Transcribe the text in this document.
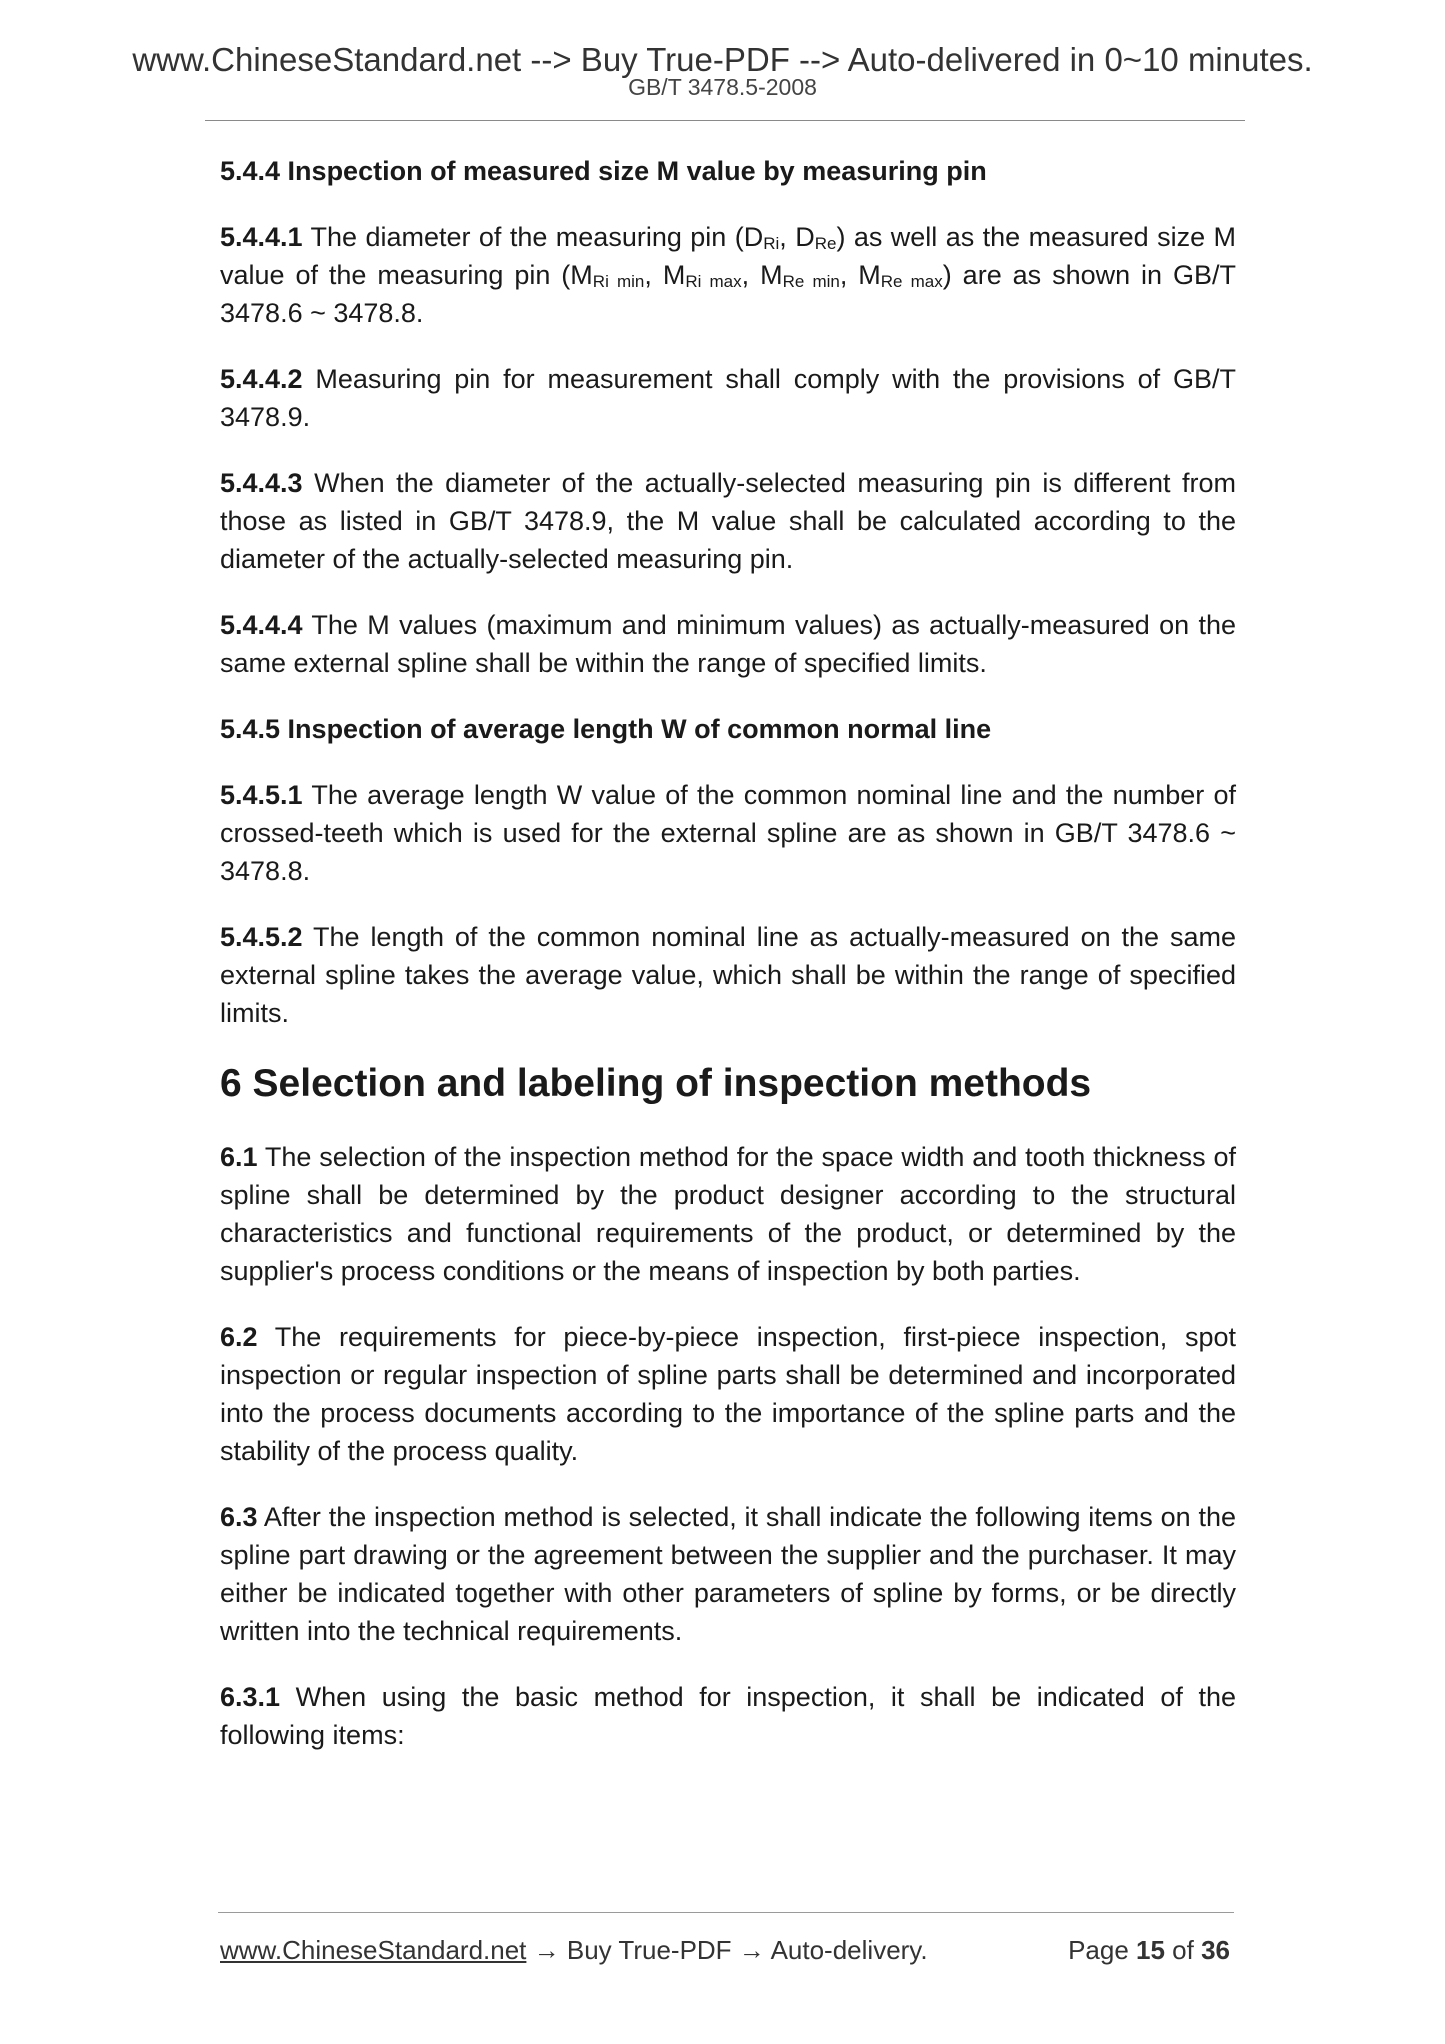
www.ChineseStandard.net --> Buy True-PDF --> Auto-delivered in 0~10 minutes.
GB/T 3478.5-2008

5.4.4 Inspection of measured size M value by measuring pin

5.4.4.1 The diameter of the measuring pin ($D_{Ri}$, $D_{Re}$) as well as the measured size M value of the measuring pin ($M_{Ri min}$, $M_{Ri max}$, $M_{Re min}$, $M_{Re max}$) are as shown in GB/T 3478.6 ~ 3478.8.

5.4.4.2 Measuring pin for measurement shall comply with the provisions of GB/T 3478.9.

5.4.4.3 When the diameter of the actually-selected measuring pin is different from those as listed in GB/T 3478.9, the M value shall be calculated according to the diameter of the actually-selected measuring pin.

5.4.4.4 The M values (maximum and minimum values) as actually-measured on the same external spline shall be within the range of specified limits.

5.4.5 Inspection of average length W of common normal line

5.4.5.1 The average length W value of the common nominal line and the number of crossed-teeth which is used for the external spline are as shown in GB/T 3478.6 ~ 3478.8.

5.4.5.2 The length of the common nominal line as actually-measured on the same external spline takes the average value, which shall be within the range of specified limits.

6 Selection and labeling of inspection methods

6.1 The selection of the inspection method for the space width and tooth thickness of spline shall be determined by the product designer according to the structural characteristics and functional requirements of the product, or determined by the supplier's process conditions or the means of inspection by both parties.

6.2 The requirements for piece-by-piece inspection, first-piece inspection, spot inspection or regular inspection of spline parts shall be determined and incorporated into the process documents according to the importance of the spline parts and the stability of the process quality.

6.3 After the inspection method is selected, it shall indicate the following items on the spline part drawing or the agreement between the supplier and the purchaser. It may either be indicated together with other parameters of spline by forms, or be directly written into the technical requirements.

6.3.1 When using the basic method for inspection, it shall be indicated of the following items:

www.ChineseStandard.net → Buy True-PDF → Auto-delivery.	Page 15 of 36
